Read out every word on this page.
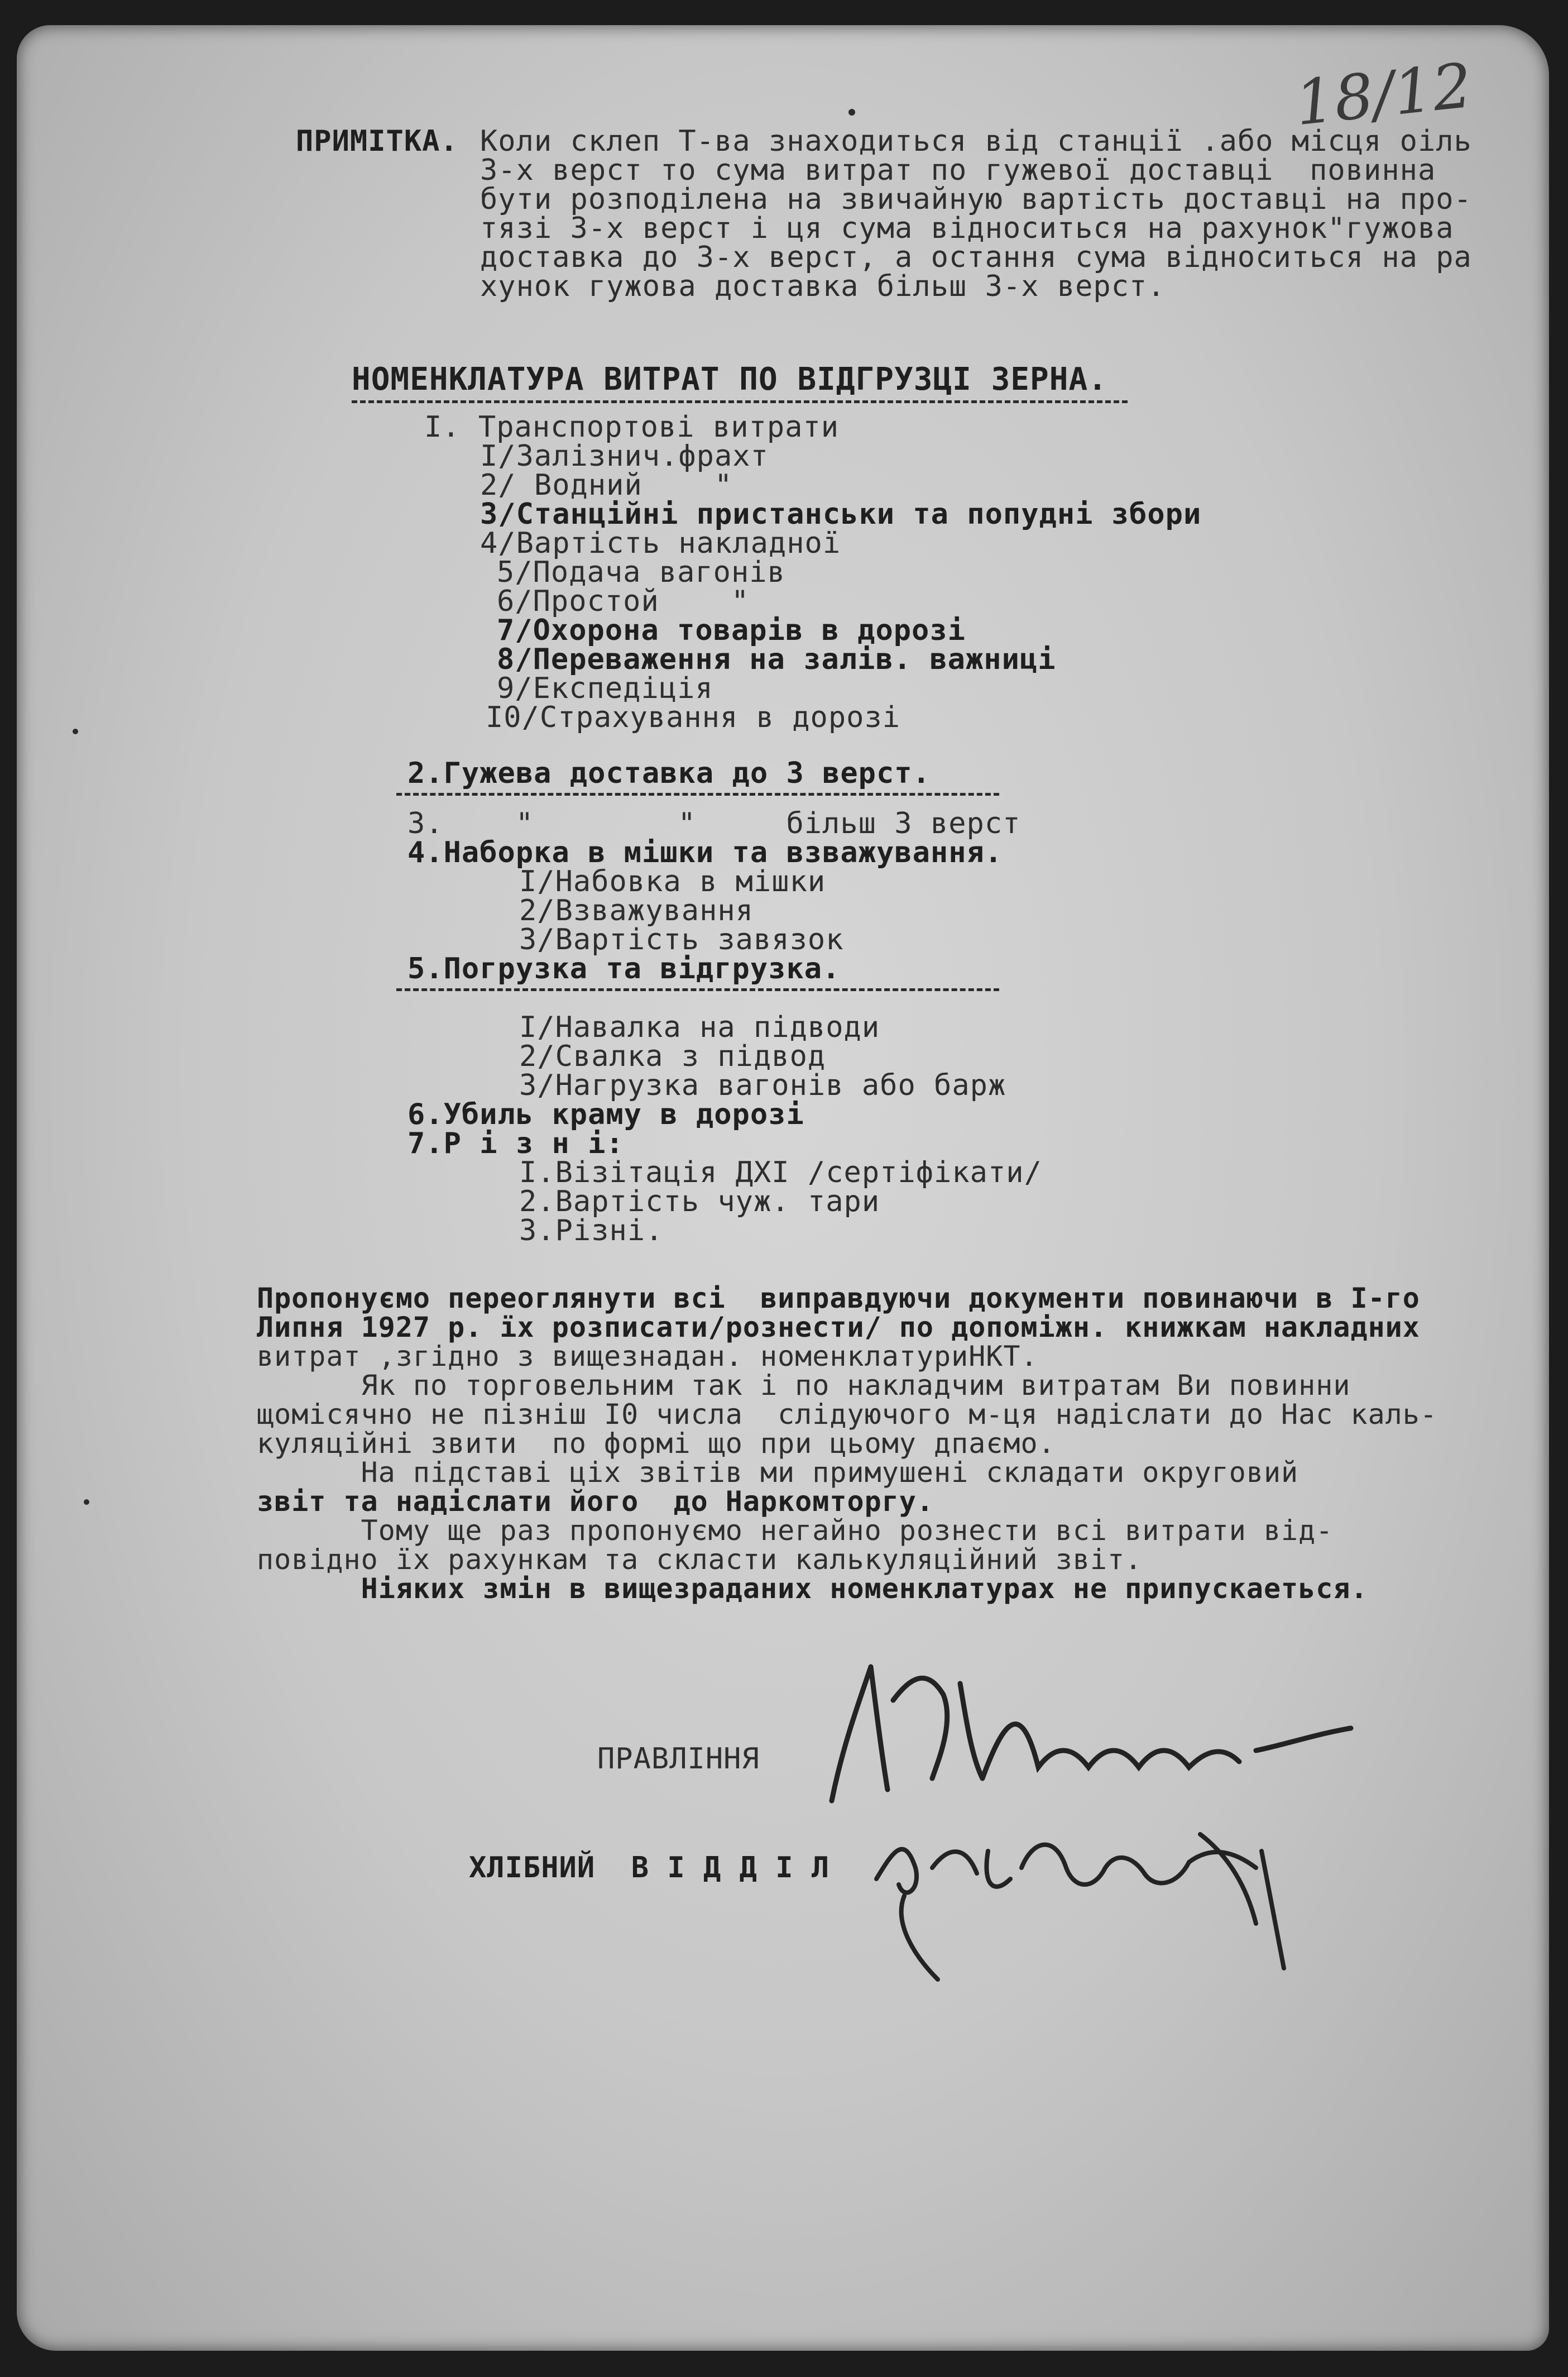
18/12
ПРИМІТКА. Коли склеп Т-ва знаходиться від станції .або місця оіль
3-х верст то сума витрат по гужевої доставці  повинна
бути розподілена на звичайную вартість доставці на про-
тязі 3-х верст і ця сума відноситься на рахунок"гужова
доставка до 3-х верст, а остання сума відноситься на ра
хунок гужова доставка більш 3-х верст.
НОМЕНКЛАТУРА ВИТРАТ ПО ВІДГРУЗЦІ ЗЕРНА.
I. Транспортові витрати
I/Залізнич.фрахт
2/ Водний    "
3/Станційні пристанськи та попудні збори
4/Вартість накладної
5/Подача вагонів
6/Простой    "
7/Охорона товарів в дорозі
8/Переваження на залів. важниці
9/Експедіція
I0/Страхування в дорозі
2.Гужева доставка до 3 верст.
3.    "        "     більш 3 верст
4.Наборка в мішки та взважування.
I/Набовка в мішки
2/Взважування
3/Вартість завязок
5.Погрузка та відгрузка.
I/Навалка на підводи
2/Свалка з підвод
3/Нагрузка вагонів або барж
6.Убиль краму в дорозі
7.Р і з н і:
I.Візітація ДХІ /сертіфікати/
2.Вартість чуж. тари
3.Різні.
Пропонуємо переоглянути всі  виправдуючи документи повинаючи в I-го
Липня 1927 р. їх розписати/рознести/ по допоміжн. книжкам накладних
витрат ,згідно з вищезнадан. номенклатуриНКТ.
Як по торговельним так і по накладчим витратам Ви повинни
щомісячно не пізніш I0 числа  слідуючого м-ця надіслати до Нас каль-
куляційні звити  по формі що при цьому дпаємо.
На підставі ціх звітів ми примушені складати округовий
звіт та надіслати його  до Наркомторгу.
Тому ще раз пропонуємо негайно рознести всі витрати від-
повідно їх рахункам та скласти калькуляційний звіт.
Ніяких змін в вищезраданих номенклатурах не припускаеться.
ПРАВЛІННЯ
ХЛІБНИЙ  В І Д Д І Л
